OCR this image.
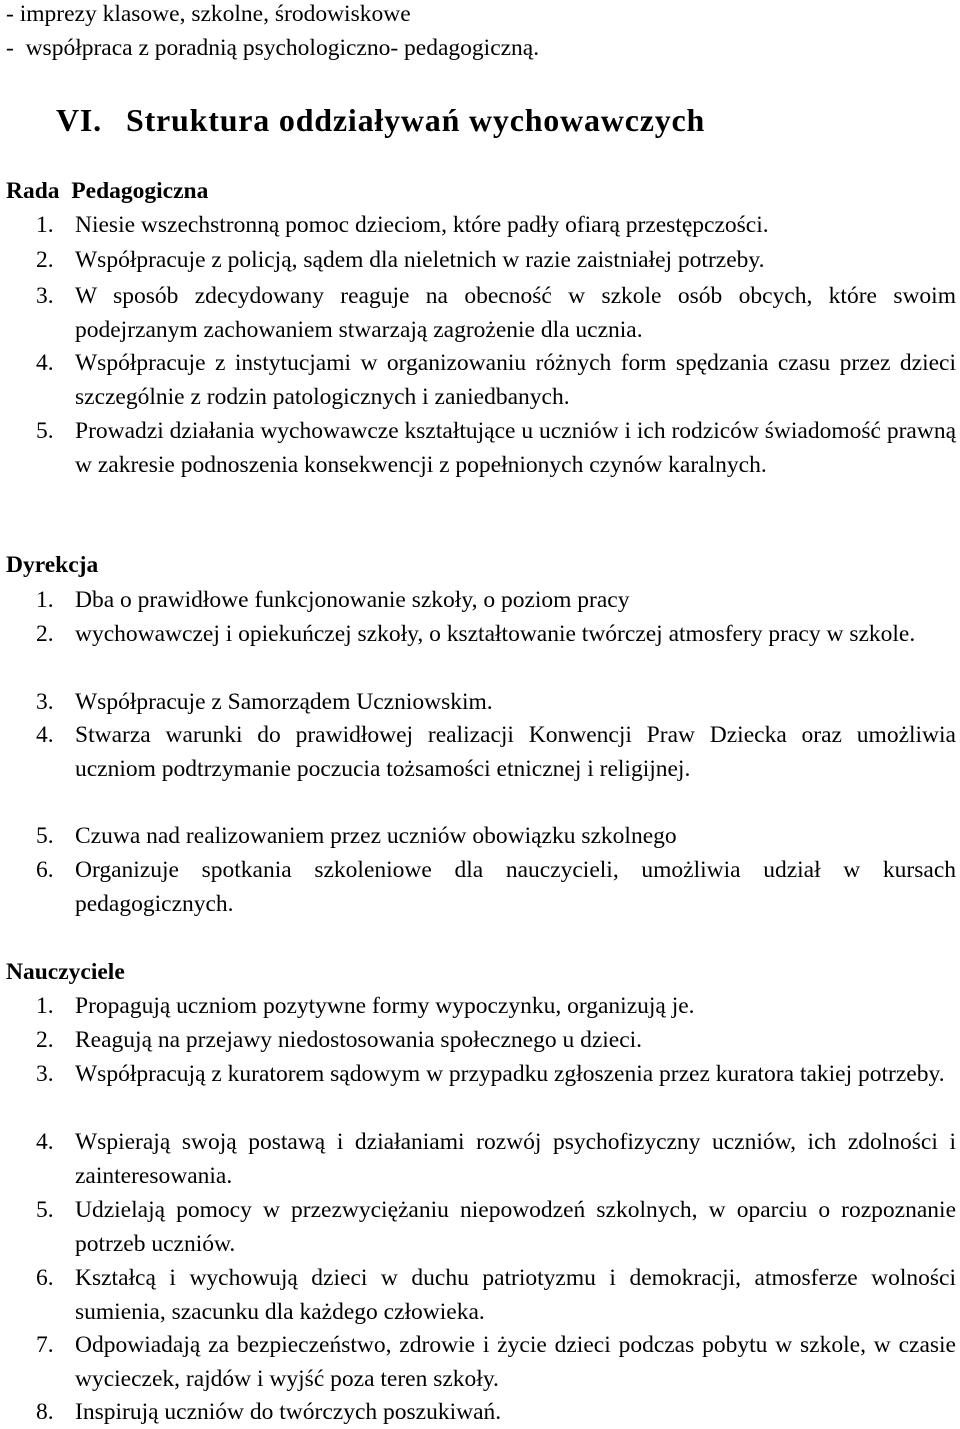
- imprezy klasowe, szkolne, środowiskowe
-  współpraca z poradnią psychologiczno- pedagogiczną.
VI. Struktura oddziaływań wychowawczych
Rada  Pedagogiczna
1. Niesie wszechstronną pomoc dzieciom, które padły ofiarą przestępczości.
2. Współpracuje z policją, sądem dla nieletnich w razie zaistniałej potrzeby.
3. W sposób zdecydowany reaguje na obecność w szkole osób obcych, które swoim podejrzanym zachowaniem stwarzają zagrożenie dla ucznia.
4. Współpracuje z instytucjami w organizowaniu różnych form spędzania czasu przez dzieci szczególnie z rodzin patologicznych i zaniedbanych.
5. Prowadzi działania wychowawcze kształtujące u uczniów i ich rodziców świadomość prawną w zakresie podnoszenia konsekwencji z popełnionych czynów karalnych.
Dyrekcja
1. Dba o prawidłowe funkcjonowanie szkoły, o poziom pracy
2. wychowawczej i opiekuńczej szkoły, o kształtowanie twórczej atmosfery pracy w szkole.
3. Współpracuje z Samorządem Uczniowskim.
4. Stwarza warunki do prawidłowej realizacji Konwencji Praw Dziecka oraz umożliwia uczniom podtrzymanie poczucia tożsamości etnicznej i religijnej.
5. Czuwa nad realizowaniem przez uczniów obowiązku szkolnego
6. Organizuje spotkania szkoleniowe dla nauczycieli, umożliwia udział w kursach pedagogicznych.
Nauczyciele
1. Propagują uczniom pozytywne formy wypoczynku, organizują je.
2. Reagują na przejawy niedostosowania społecznego u dzieci.
3. Współpracują z kuratorem sądowym w przypadku zgłoszenia przez kuratora takiej potrzeby.
4. Wspierają swoją postawą i działaniami rozwój psychofizyczny uczniów, ich zdolności i zainteresowania.
5. Udzielają pomocy w przezwyciężaniu niepowodzeń szkolnych, w oparciu o rozpoznanie potrzeb uczniów.
6. Kształcą i wychowują dzieci w duchu patriotyzmu i demokracji, atmosferze wolności sumienia, szacunku dla każdego człowieka.
7. Odpowiadają za bezpieczeństwo, zdrowie i życie dzieci podczas pobytu w szkole, w czasie wycieczek, rajdów i wyjść poza teren szkoły.
8. Inspirują uczniów do twórczych poszukiwań.
